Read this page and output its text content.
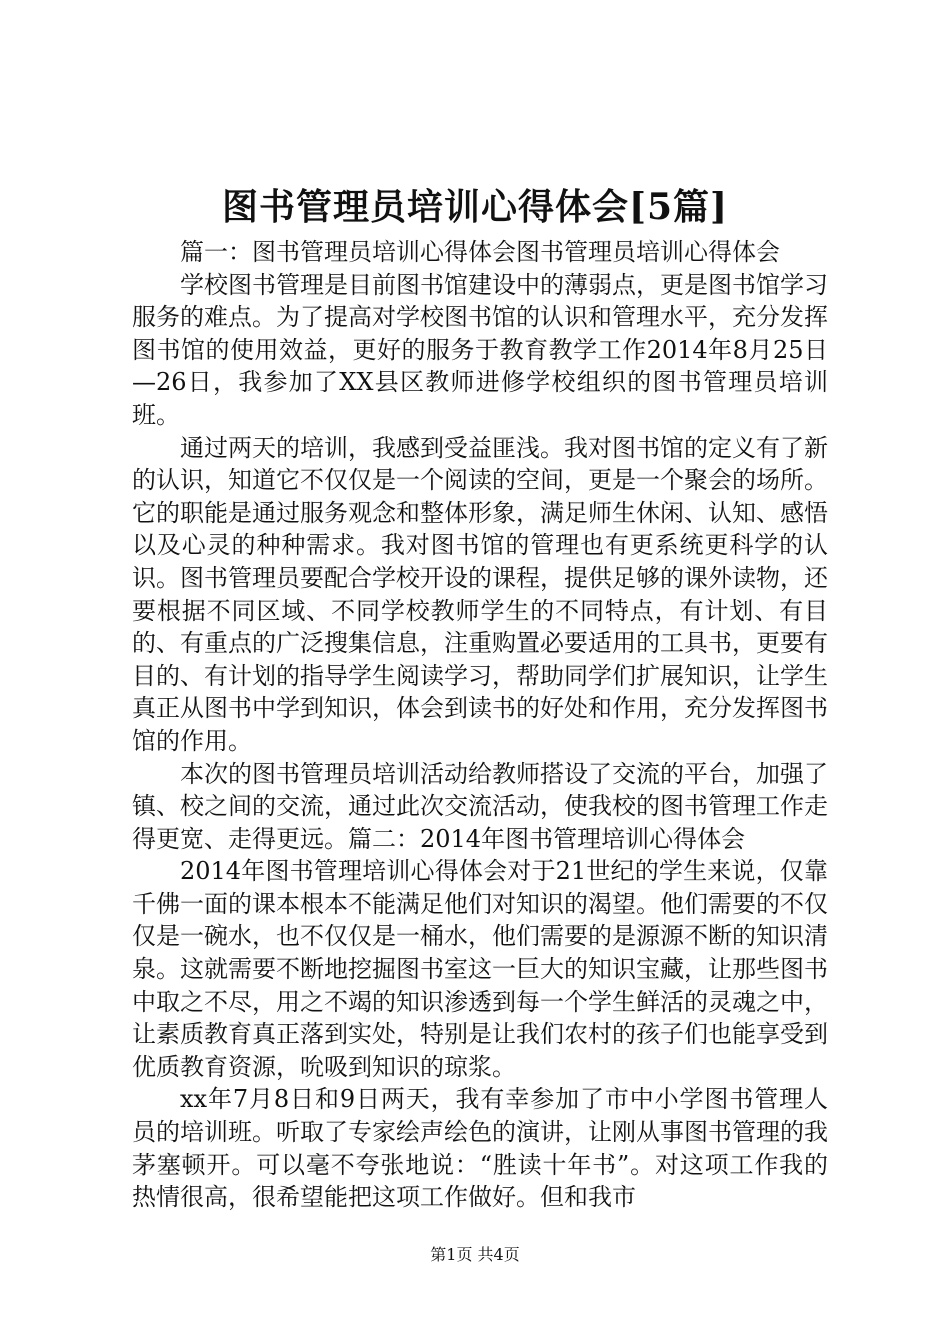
图书管理员培训心得体会[5篇]

篇一：图书管理员培训心得体会图书管理员培训心得体会

学校图书管理是目前图书馆建设中的薄弱点，更是图书馆学习服务的难点。为了提高对学校图书馆的认识和管理水平，充分发挥图书馆的使用效益，更好的服务于教育教学工作2014年8月25日—26日，我参加了XX县区教师进修学校组织的图书管理员培训班。

通过两天的培训，我感到受益匪浅。我对图书馆的定义有了新的认识，知道它不仅仅是一个阅读的空间，更是一个聚会的场所。它的职能是通过服务观念和整体形象，满足师生休闲、认知、感悟以及心灵的种种需求。我对图书馆的管理也有更系统更科学的认识。图书管理员要配合学校开设的课程，提供足够的课外读物，还要根据不同区域、不同学校教师学生的不同特点，有计划、有目的、有重点的广泛搜集信息，注重购置必要适用的工具书，更要有目的、有计划的指导学生阅读学习，帮助同学们扩展知识，让学生真正从图书中学到知识，体会到读书的好处和作用，充分发挥图书馆的作用。

本次的图书管理员培训活动给教师搭设了交流的平台，加强了镇、校之间的交流，通过此次交流活动，使我校的图书管理工作走得更宽、走得更远。篇二：2014年图书管理培训心得体会

2014年图书管理培训心得体会对于21世纪的学生来说，仅靠千佛一面的课本根本不能满足他们对知识的渴望。他们需要的不仅仅是一碗水，也不仅仅是一桶水，他们需要的是源源不断的知识清泉。这就需要不断地挖掘图书室这一巨大的知识宝藏，让那些图书中取之不尽，用之不竭的知识渗透到每一个学生鲜活的灵魂之中，让素质教育真正落到实处，特别是让我们农村的孩子们也能享受到优质教育资源，吮吸到知识的琼浆。

xx年7月8日和9日两天，我有幸参加了市中小学图书管理人员的培训班。听取了专家绘声绘色的演讲，让刚从事图书管理的我茅塞顿开。可以毫不夸张地说：“胜读十年书”。对这项工作我的热情很高，很希望能把这项工作做好。但和我市

第1页 共4页
